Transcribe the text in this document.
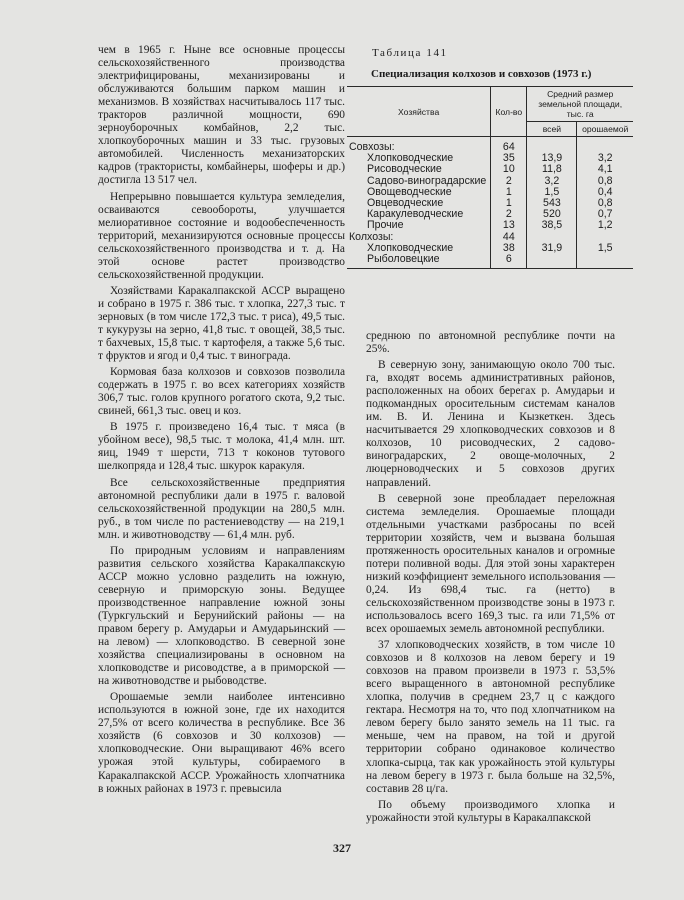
чем в 1965 г. Ныне все основные процессы сельскохозяйственного производства электрифицированы, механизированы и обслуживаются большим парком машин и механизмов. В хозяйствах насчитывалось 117 тыс. тракторов различной мощности, 690 зерноуборочных комбайнов, 2,2 тыс. хлопкоуборочных машин и 33 тыс. грузовых автомобилей. Численность механизаторских кадров (трактористы, комбайнеры, шоферы и др.) достигла 13 517 чел.

Непрерывно повышается культура земледелия, осваиваются севообороты, улучшается мелиоративное состояние и водообеспеченность территорий, механизируются основные процессы сельскохозяйственного производства и т. д. На этой основе растет производство сельскохозяйственной продукции.

Хозяйствами Каракалпакской АССР выращено и собрано в 1975 г. 386 тыс. т хлопка, 227,3 тыс. т зерновых (в том числе 172,3 тыс. т риса), 49,5 тыс. т кукурузы на зерно, 41,8 тыс. т овощей, 38,5 тыс. т бахчевых, 15,8 тыс. т картофеля, а также 5,6 тыс. т фруктов и ягод и 0,4 тыс. т винограда.

Кормовая база колхозов и совхозов позволила содержать в 1975 г. во всех категориях хозяйств 306,7 тыс. голов крупного рогатого скота, 9,2 тыс. свиней, 661,3 тыс. овец и коз.

В 1975 г. произведено 16,4 тыс. т мяса (в убойном весе), 98,5 тыс. т молока, 41,4 млн. шт. яиц, 1949 т шерсти, 713 т коконов тутового шелкопряда и 128,4 тыс. шкурок каракуля.

Все сельскохозяйственные предприятия автономной республики дали в 1975 г. валовой сельскохозяйственной продукции на 280,5 млн. руб., в том числе по растениеводству — на 219,1 млн. и животноводству — 61,4 млн. руб.

По природным условиям и направлениям развития сельского хозяйства Каракалпакскую АССР можно условно разделить на южную, северную и приморскую зоны. Ведущее производственное направление южной зоны (Туркгульский и Берунийский районы — на правом берегу р. Амударьи и Амударьинский — на левом) — хлопководство. В северной зоне хозяйства специализированы в основном на хлопководстве и рисоводстве, а в приморской — на животноводстве и рыбоводстве.

Орошаемые земли наиболее интенсивно используются в южной зоне, где их находится 27,5% от всего количества в республике. Все 36 хозяйств (6 совхозов и 30 колхозов) — хлопководческие. Они выращивают 46% всего урожая этой культуры, собираемого в Каракалпакской АССР. Урожайность хлопчатника в южных районах в 1973 г. превысила

Таблица 141
Специализация колхозов и совхозов (1973 г.)
Хозяйства	Кол-во	Средний размер земельной площади, тыс. га	
		всей	орошаемой
Совхозы:	64		
Хлопководческие	35	13,9	3,2
Рисоводческие	10	11,8	4,1
Садово-виноградарские	2	3,2	0,8
Овощеводческие	1	1,5	0,4
Овцеводческие	1	543	0,8
Каракулеводческие	2	520	0,7
Прочие	13	38,5	1,2
Колхозы:	44		
Хлопководческие	38	31,9	1,5
Рыболовецкие	6		

среднюю по автономной республике почти на 25%.

В северную зону, занимающую около 700 тыс. га, входят восемь административных районов, расположенных на обоих берегах р. Амударьи и подкомандных оросительным системам каналов им. В. И. Ленина и Кызкеткен. Здесь насчитывается 29 хлопководческих совхозов и 8 колхозов, 10 рисоводческих, 2 садово-виноградарских, 2 овоще-молочных, 2 люцерноводческих и 5 совхозов других направлений.

В северной зоне преобладает переложная система земледелия. Орошаемые площади отдельными участками разбросаны по всей территории хозяйств, чем и вызвана большая протяженность оросительных каналов и огромные потери поливной воды. Для этой зоны характерен низкий коэффициент земельного использования — 0,24. Из 698,4 тыс. га (нетто) в сельскохозяйственном производстве зоны в 1973 г. использовалось всего 169,3 тыс. га или 71,5% от всех орошаемых земель автономной республики.

37 хлопководческих хозяйств, в том числе 10 совхозов и 8 колхозов на левом берегу и 19 совхозов на правом произвели в 1973 г. 53,5% всего выращенного в автономной республике хлопка, получив в среднем 23,7 ц с каждого гектара. Несмотря на то, что под хлопчатником на левом берегу было занято земель на 11 тыс. га меньше, чем на правом, на той и другой территории собрано одинаковое количество хлопка-сырца, так как урожайность этой культуры на левом берегу в 1973 г. была больше на 32,5%, составив 28 ц/га.

По объему производимого хлопка и урожайности этой культуры в Каракалпакской

327
